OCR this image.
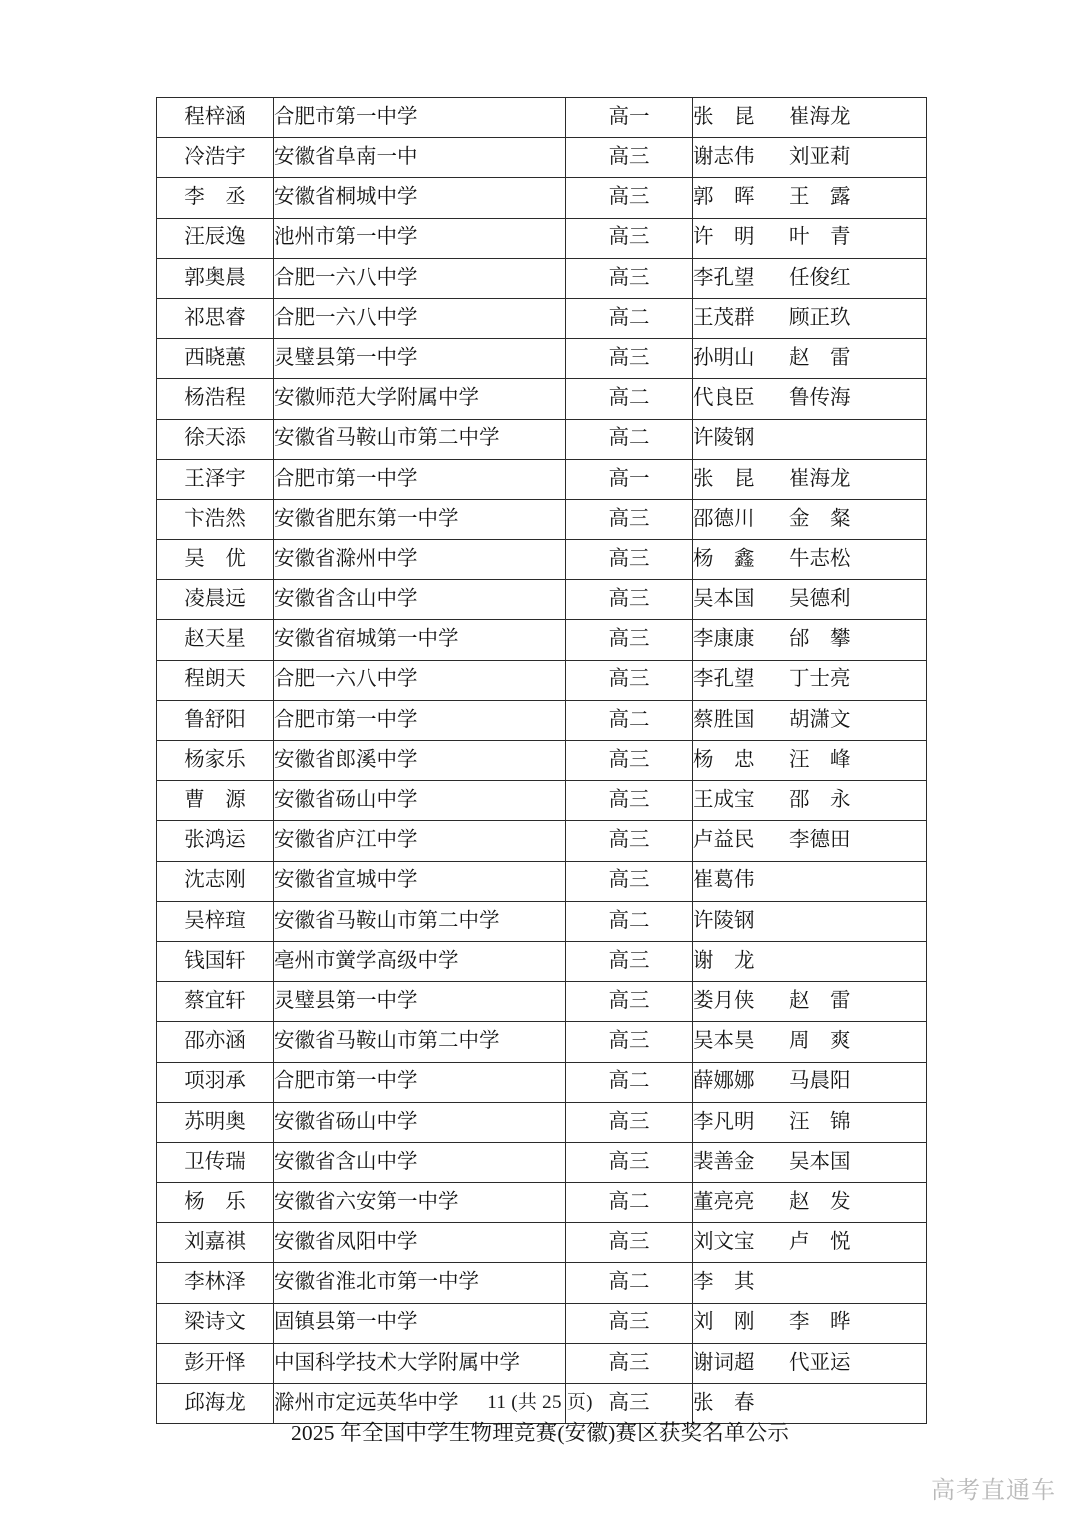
程梓涵	合肥市第一中学	高一	张　昆 崔海龙
冷浩宇	安徽省阜南一中	高三	谢志伟 刘亚莉
李　丞	安徽省桐城中学	高三	郭　晖 王　露
汪辰逸	池州市第一中学	高三	许　明 叶　青
郭奥晨	合肥一六八中学	高三	李孔望 任俊红
祁思睿	合肥一六八中学	高二	王茂群 顾正玖
西晓蕙	灵璧县第一中学	高三	孙明山 赵　雷
杨浩程	安徽师范大学附属中学	高二	代良臣 鲁传海
徐天添	安徽省马鞍山市第二中学	高二	许陵钢
王泽宇	合肥市第一中学	高一	张　昆 崔海龙
卞浩然	安徽省肥东第一中学	高三	邵德川 金　粲
吴　优	安徽省滁州中学	高三	杨　鑫 牛志松
凌晨远	安徽省含山中学	高三	吴本国 吴德利
赵天星	安徽省宿城第一中学	高三	李康康 邰　攀
程朗天	合肥一六八中学	高三	李孔望 丁士亮
鲁舒阳	合肥市第一中学	高二	蔡胜国 胡潇文
杨家乐	安徽省郎溪中学	高三	杨　忠 汪　峰
曹　源	安徽省砀山中学	高三	王成宝 邵　永
张鸿运	安徽省庐江中学	高三	卢益民 李德田
沈志刚	安徽省宣城中学	高三	崔葛伟
吴梓瑄	安徽省马鞍山市第二中学	高二	许陵钢
钱国轩	亳州市黉学高级中学	高三	谢　龙
蔡宜轩	灵璧县第一中学	高三	娄月侠 赵　雷
邵亦涵	安徽省马鞍山市第二中学	高三	吴本昊 周　爽
项羽承	合肥市第一中学	高二	薛娜娜 马晨阳
苏明奥	安徽省砀山中学	高三	李凡明 汪　锦
卫传瑞	安徽省含山中学	高三	裴善金 吴本国
杨　乐	安徽省六安第一中学	高二	董亮亮 赵　发
刘嘉祺	安徽省凤阳中学	高三	刘文宝 卢　悦
李林泽	安徽省淮北市第一中学	高二	李　其
梁诗文	固镇县第一中学	高三	刘　刚 李　晔
彭开怿	中国科学技术大学附属中学	高三	谢词超 代亚运
邱海龙	滁州市定远英华中学	高三	张　春
11 (共 25 页)
2025 年全国中学生物理竞赛(安徽)赛区获奖名单公示
高考直通车
